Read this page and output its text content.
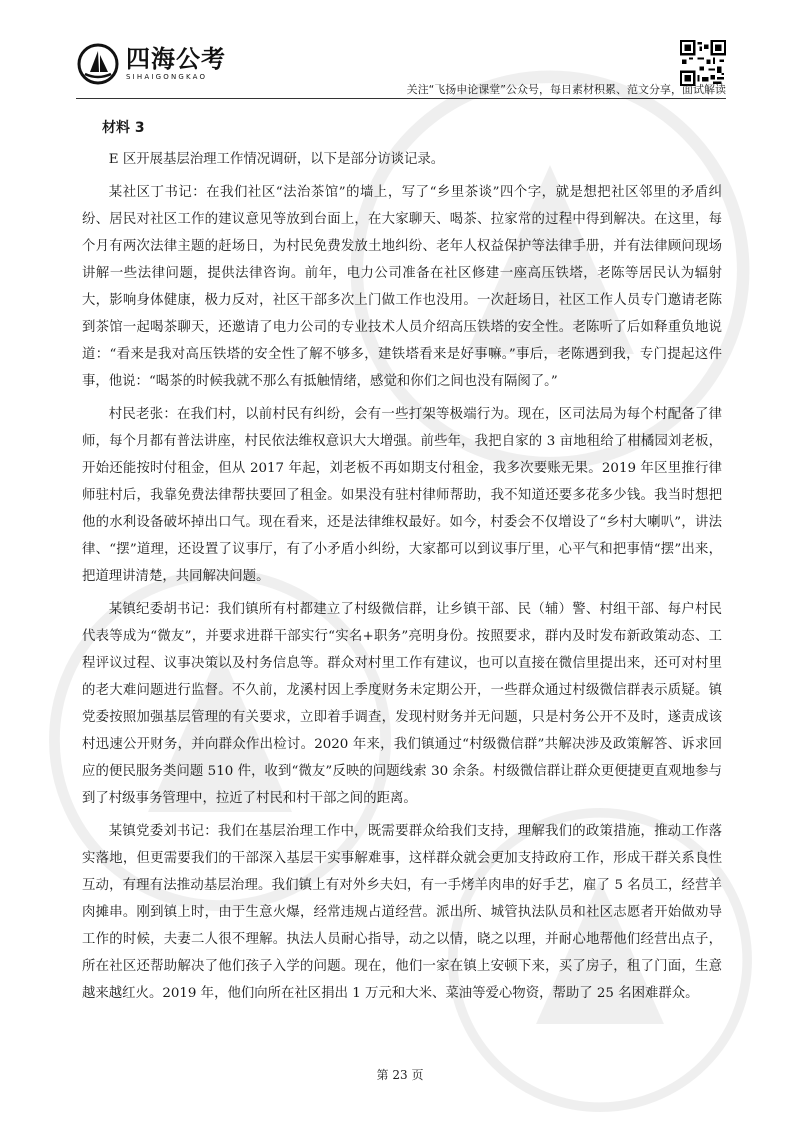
四海公考
SIHAIGONGKAO
关注“飞扬申论课堂”公众号，每日素材积累、范文分享，面试解读
材料 3

E 区开展基层治理工作情况调研，以下是部分访谈记录。

某社区丁书记：在我们社区“法治茶馆”的墙上，写了“乡里茶谈”四个字，就是想把社区邻里的矛盾纠纷、居民对社区工作的建议意见等放到台面上，在大家聊天、喝茶、拉家常的过程中得到解决。在这里，每个月有两次法律主题的赶场日，为村民免费发放土地纠纷、老年人权益保护等法律手册，并有法律顾问现场讲解一些法律问题，提供法律咨询。前年，电力公司准备在社区修建一座高压铁塔，老陈等居民认为辐射大，影响身体健康，极力反对，社区干部多次上门做工作也没用。一次赶场日，社区工作人员专门邀请老陈到茶馆一起喝茶聊天，还邀请了电力公司的专业技术人员介绍高压铁塔的安全性。老陈听了后如释重负地说道：“看来是我对高压铁塔的安全性了解不够多，建铁塔看来是好事嘛。”事后，老陈遇到我，专门提起这件事，他说：“喝茶的时候我就不那么有抵触情绪，感觉和你们之间也没有隔阂了。”

村民老张：在我们村，以前村民有纠纷，会有一些打架等极端行为。现在，区司法局为每个村配备了律师，每个月都有普法讲座，村民依法维权意识大大增强。前些年，我把自家的 3 亩地租给了柑橘园刘老板，开始还能按时付租金，但从 2017 年起，刘老板不再如期支付租金，我多次要账无果。2019 年区里推行律师驻村后，我靠免费法律帮扶要回了租金。如果没有驻村律师帮助，我不知道还要多花多少钱。我当时想把他的水利设备破坏掉出口气。现在看来，还是法律维权最好。如今，村委会不仅增设了“乡村大喇叭”，讲法律、“摆”道理，还设置了议事厅，有了小矛盾小纠纷，大家都可以到议事厅里，心平气和把事情“摆”出来，把道理讲清楚，共同解决问题。

某镇纪委胡书记：我们镇所有村都建立了村级微信群，让乡镇干部、民（辅）警、村组干部、每户村民代表等成为“微友”，并要求进群干部实行“实名+职务”亮明身份。按照要求，群内及时发布新政策动态、工程评议过程、议事决策以及村务信息等。群众对村里工作有建议，也可以直接在微信里提出来，还可对村里的老大难问题进行监督。不久前，龙溪村因上季度财务未定期公开，一些群众通过村级微信群表示质疑。镇党委按照加强基层管理的有关要求，立即着手调查，发现村财务并无问题，只是村务公开不及时，遂责成该村迅速公开财务，并向群众作出检讨。2020 年来，我们镇通过“村级微信群”共解决涉及政策解答、诉求回应的便民服务类问题 510 件，收到“微友”反映的问题线索 30 余条。村级微信群让群众更便捷更直观地参与到了村级事务管理中，拉近了村民和村干部之间的距离。

某镇党委刘书记：我们在基层治理工作中，既需要群众给我们支持，理解我们的政策措施，推动工作落实落地，但更需要我们的干部深入基层干实事解难事，这样群众就会更加支持政府工作，形成干群关系良性互动，有理有法推动基层治理。我们镇上有对外乡夫妇，有一手烤羊肉串的好手艺，雇了 5 名员工，经营羊肉摊串。刚到镇上时，由于生意火爆，经常违规占道经营。派出所、城管执法队员和社区志愿者开始做劝导工作的时候，夫妻二人很不理解。执法人员耐心指导，动之以情，晓之以理，并耐心地帮他们经营出点子，所在社区还帮助解决了他们孩子入学的问题。现在，他们一家在镇上安顿下来，买了房子，租了门面，生意越来越红火。2019 年，他们向所在社区捐出 1 万元和大米、菜油等爱心物资，帮助了 25 名困难群众。

第 23 页
